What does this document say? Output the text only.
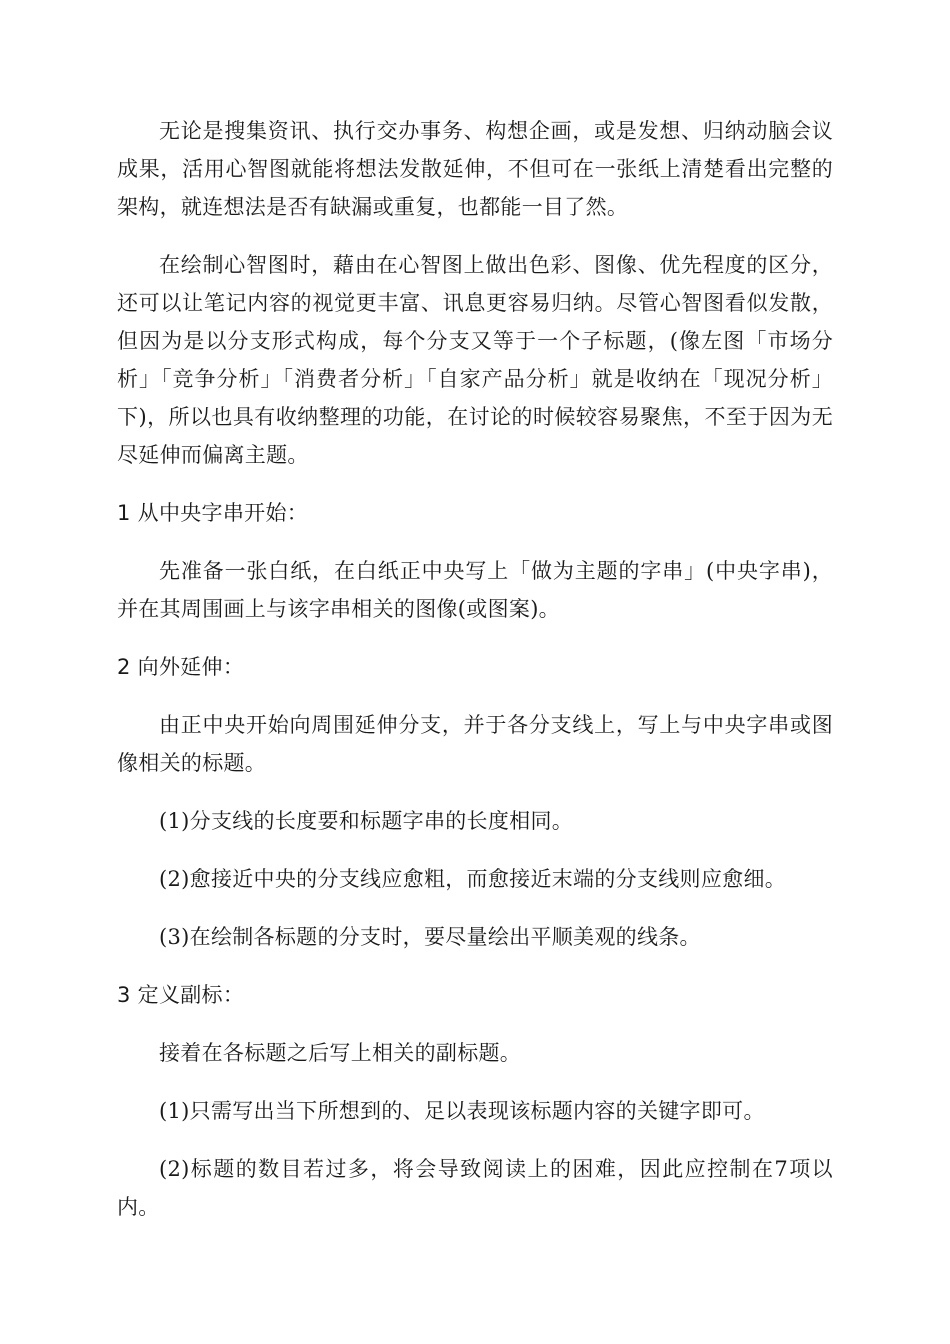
无论是搜集资讯、执行交办事务、构想企画，或是发想、归纳动脑会议成果，活用心智图就能将想法发散延伸，不但可在一张纸上清楚看出完整的架构，就连想法是否有缺漏或重复，也都能一目了然。

在绘制心智图时，藉由在心智图上做出色彩、图像、优先程度的区分，还可以让笔记内容的视觉更丰富、讯息更容易归纳。尽管心智图看似发散，但因为是以分支形式构成，每个分支又等于一个子标题，(像左图「市场分析」「竞争分析」「消费者分析」「自家产品分析」就是收纳在「现况分析」下)，所以也具有收纳整理的功能，在讨论的时候较容易聚焦，不至于因为无尽延伸而偏离主题。

1 从中央字串开始：

先准备一张白纸，在白纸正中央写上「做为主题的字串」(中央字串)，并在其周围画上与该字串相关的图像(或图案)。

2 向外延伸：

由正中央开始向周围延伸分支，并于各分支线上，写上与中央字串或图像相关的标题。

(1)分支线的长度要和标题字串的长度相同。

(2)愈接近中央的分支线应愈粗，而愈接近末端的分支线则应愈细。

(3)在绘制各标题的分支时，要尽量绘出平顺美观的线条。

3 定义副标：

接着在各标题之后写上相关的副标题。

(1)只需写出当下所想到的、足以表现该标题内容的关键字即可。

(2)标题的数目若过多，将会导致阅读上的困难，因此应控制在7项以内。
